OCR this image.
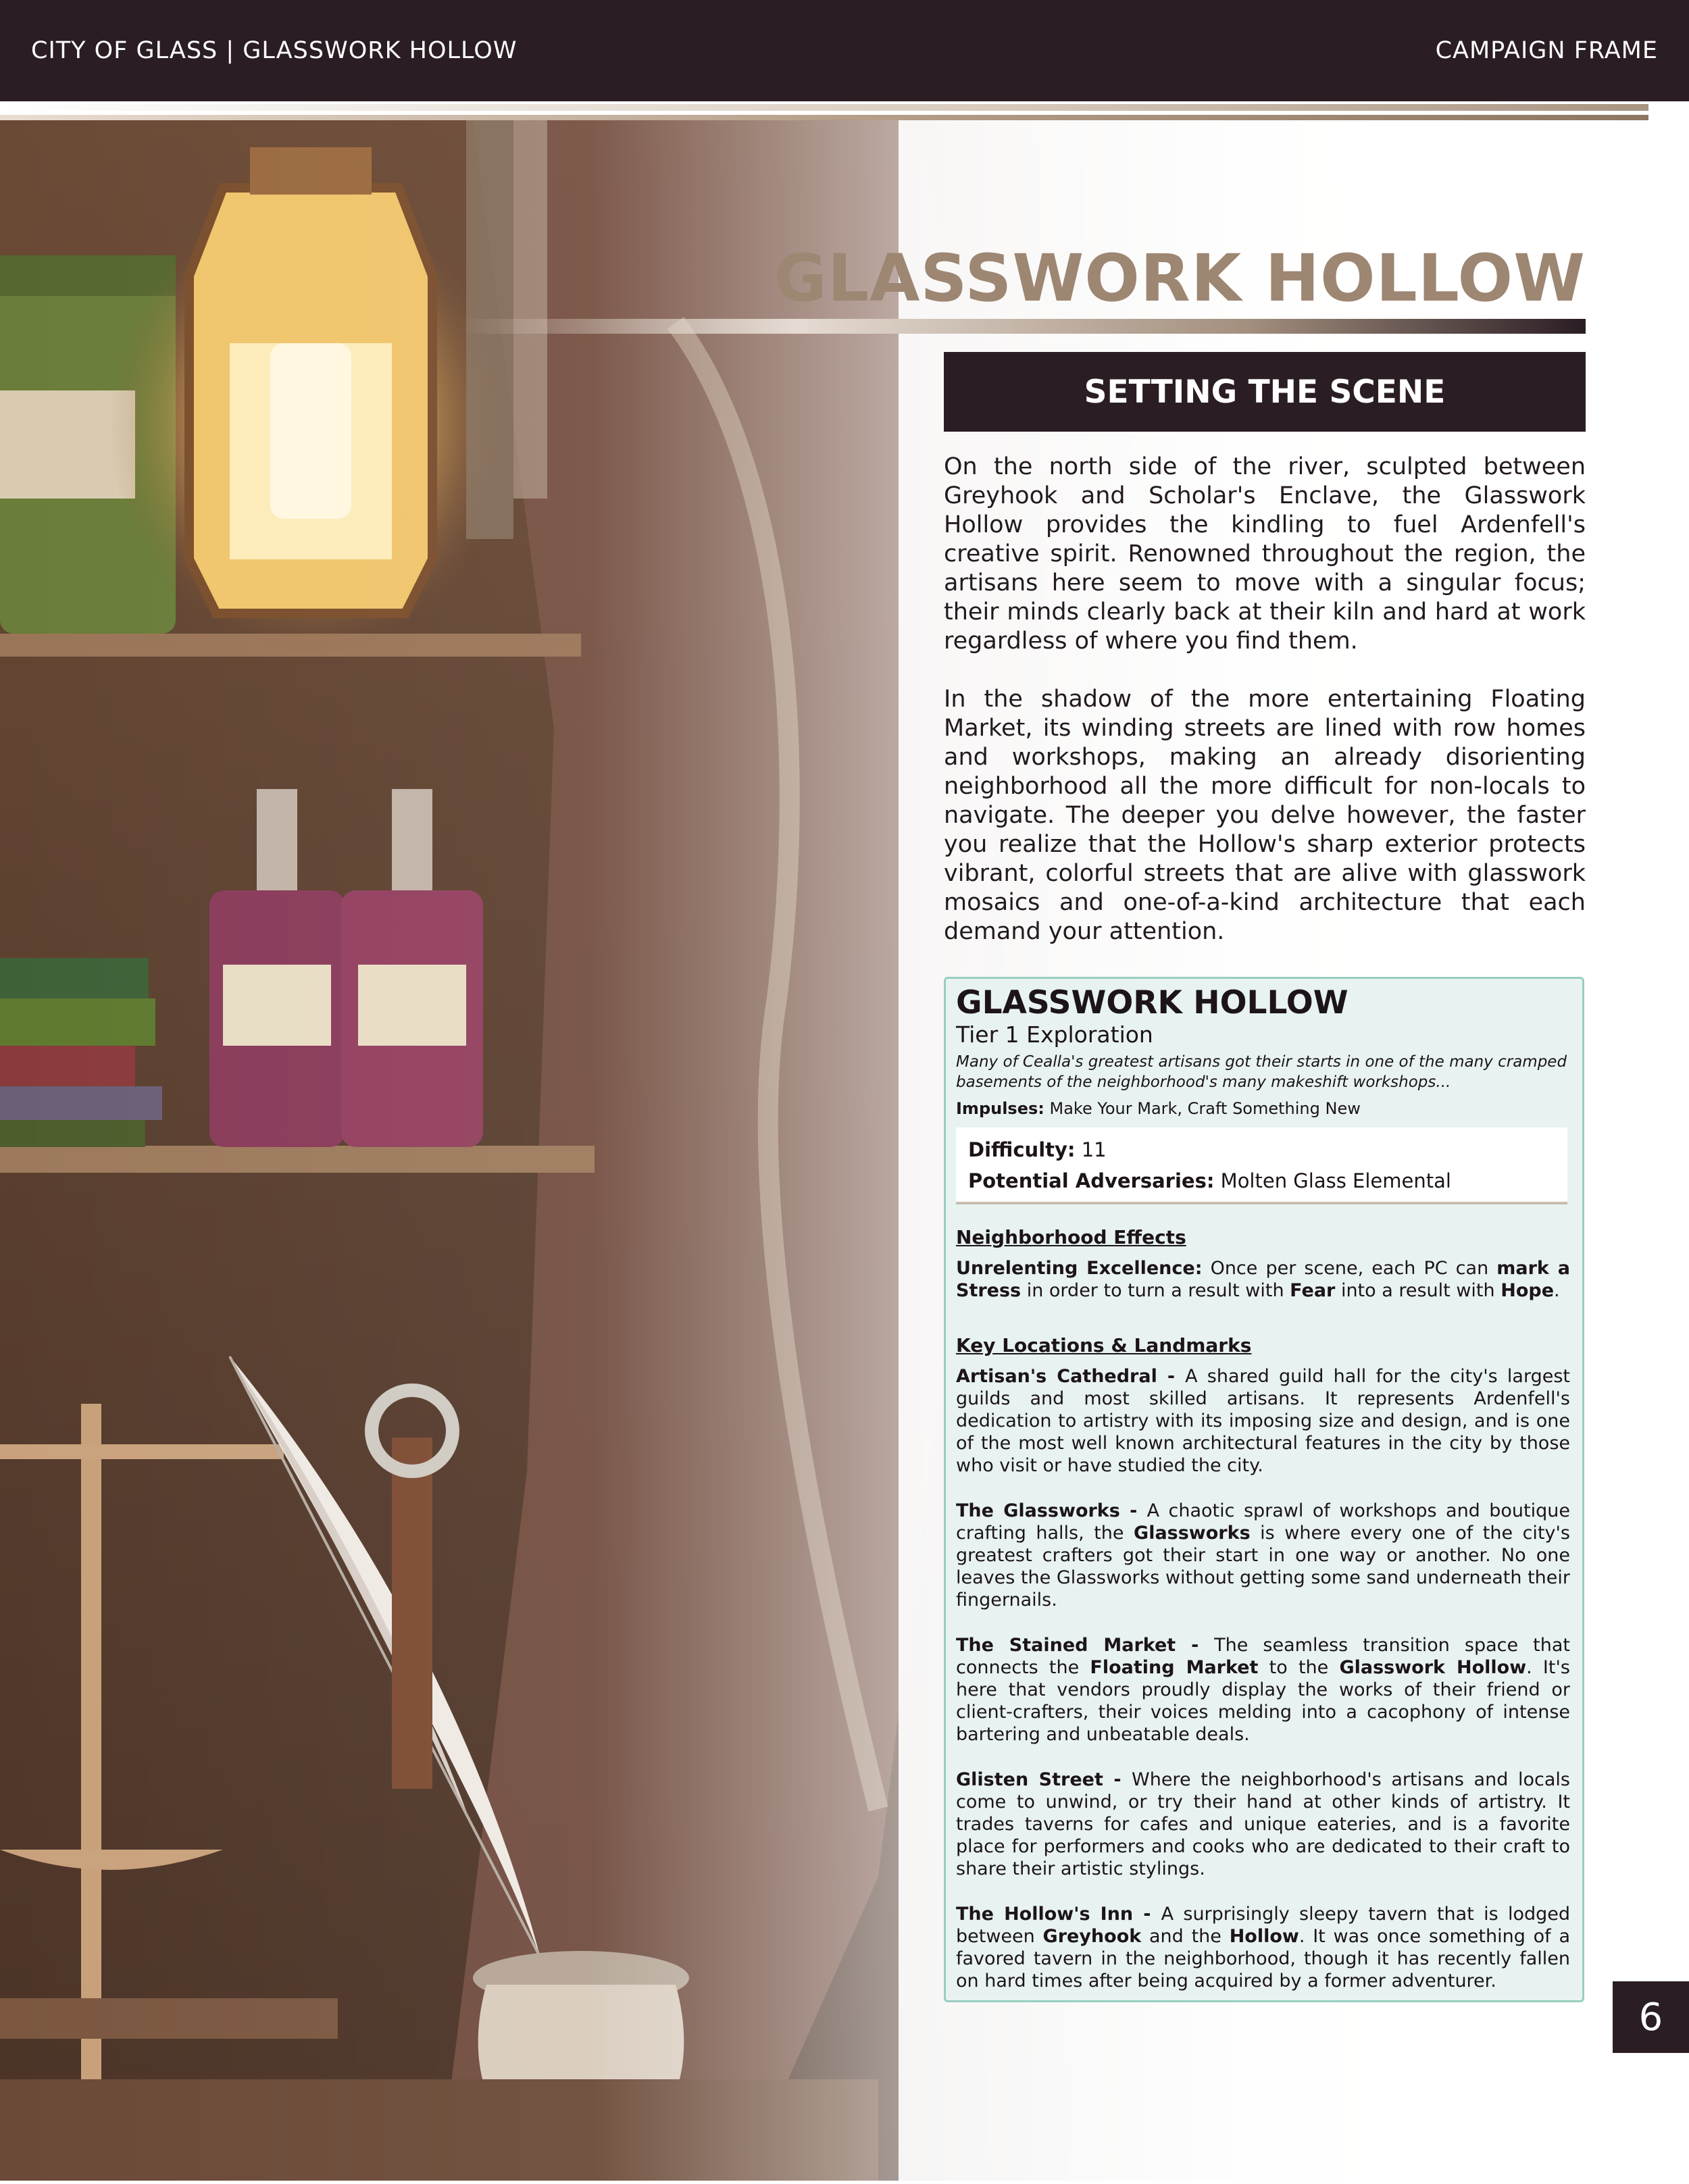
CITY OF GLASS | GLASSWORK HOLLOW	CAMPAIGN FRAME
GLASSWORK HOLLOW
SETTING THE SCENE

On the north side of the river, sculpted between Greyhook and Scholar's Enclave, the Glasswork Hollow provides the kindling to fuel Ardenfell's creative spirit. Renowned throughout the region, the artisans here seem to move with a singular focus; their minds clearly back at their kiln and hard at work regardless of where you find them.

In the shadow of the more entertaining Floating Market, its winding streets are lined with row homes and workshops, making an already disorienting neighborhood all the more difficult for non-locals to navigate. The deeper you delve however, the faster you realize that the Hollow's sharp exterior protects vibrant, colorful streets that are alive with glasswork mosaics and one-of-a-kind architecture that each demand your attention.

GLASSWORK HOLLOW
Tier 1 Exploration
Many of Cealla's greatest artisans got their starts in one of the many cramped basements of the neighborhood's many makeshift workshops...
Impulses: Make Your Mark, Craft Something New
Difficulty: 11
Potential Adversaries: Molten Glass Elemental
Neighborhood Effects
Unrelenting Excellence: Once per scene, each PC can mark a Stress in order to turn a result with Fear into a result with Hope.
Key Locations & Landmarks
Artisan's Cathedral - A shared guild hall for the city's largest guilds and most skilled artisans. It represents Ardenfell's dedication to artistry with its imposing size and design, and is one of the most well known architectural features in the city by those who visit or have studied the city.
The Glassworks - A chaotic sprawl of workshops and boutique crafting halls, the Glassworks is where every one of the city's greatest crafters got their start in one way or another. No one leaves the Glassworks without getting some sand underneath their fingernails.
The Stained Market - The seamless transition space that connects the Floating Market to the Glasswork Hollow. It's here that vendors proudly display the works of their friend or client-crafters, their voices melding into a cacophony of intense bartering and unbeatable deals.
Glisten Street - Where the neighborhood's artisans and locals come to unwind, or try their hand at other kinds of artistry. It trades taverns for cafes and unique eateries, and is a favorite place for performers and cooks who are dedicated to their craft to share their artistic stylings.
The Hollow's Inn - A surprisingly sleepy tavern that is lodged between Greyhook and the Hollow. It was once something of a favored tavern in the neighborhood, though it has recently fallen on hard times after being acquired by a former adventurer.
6
